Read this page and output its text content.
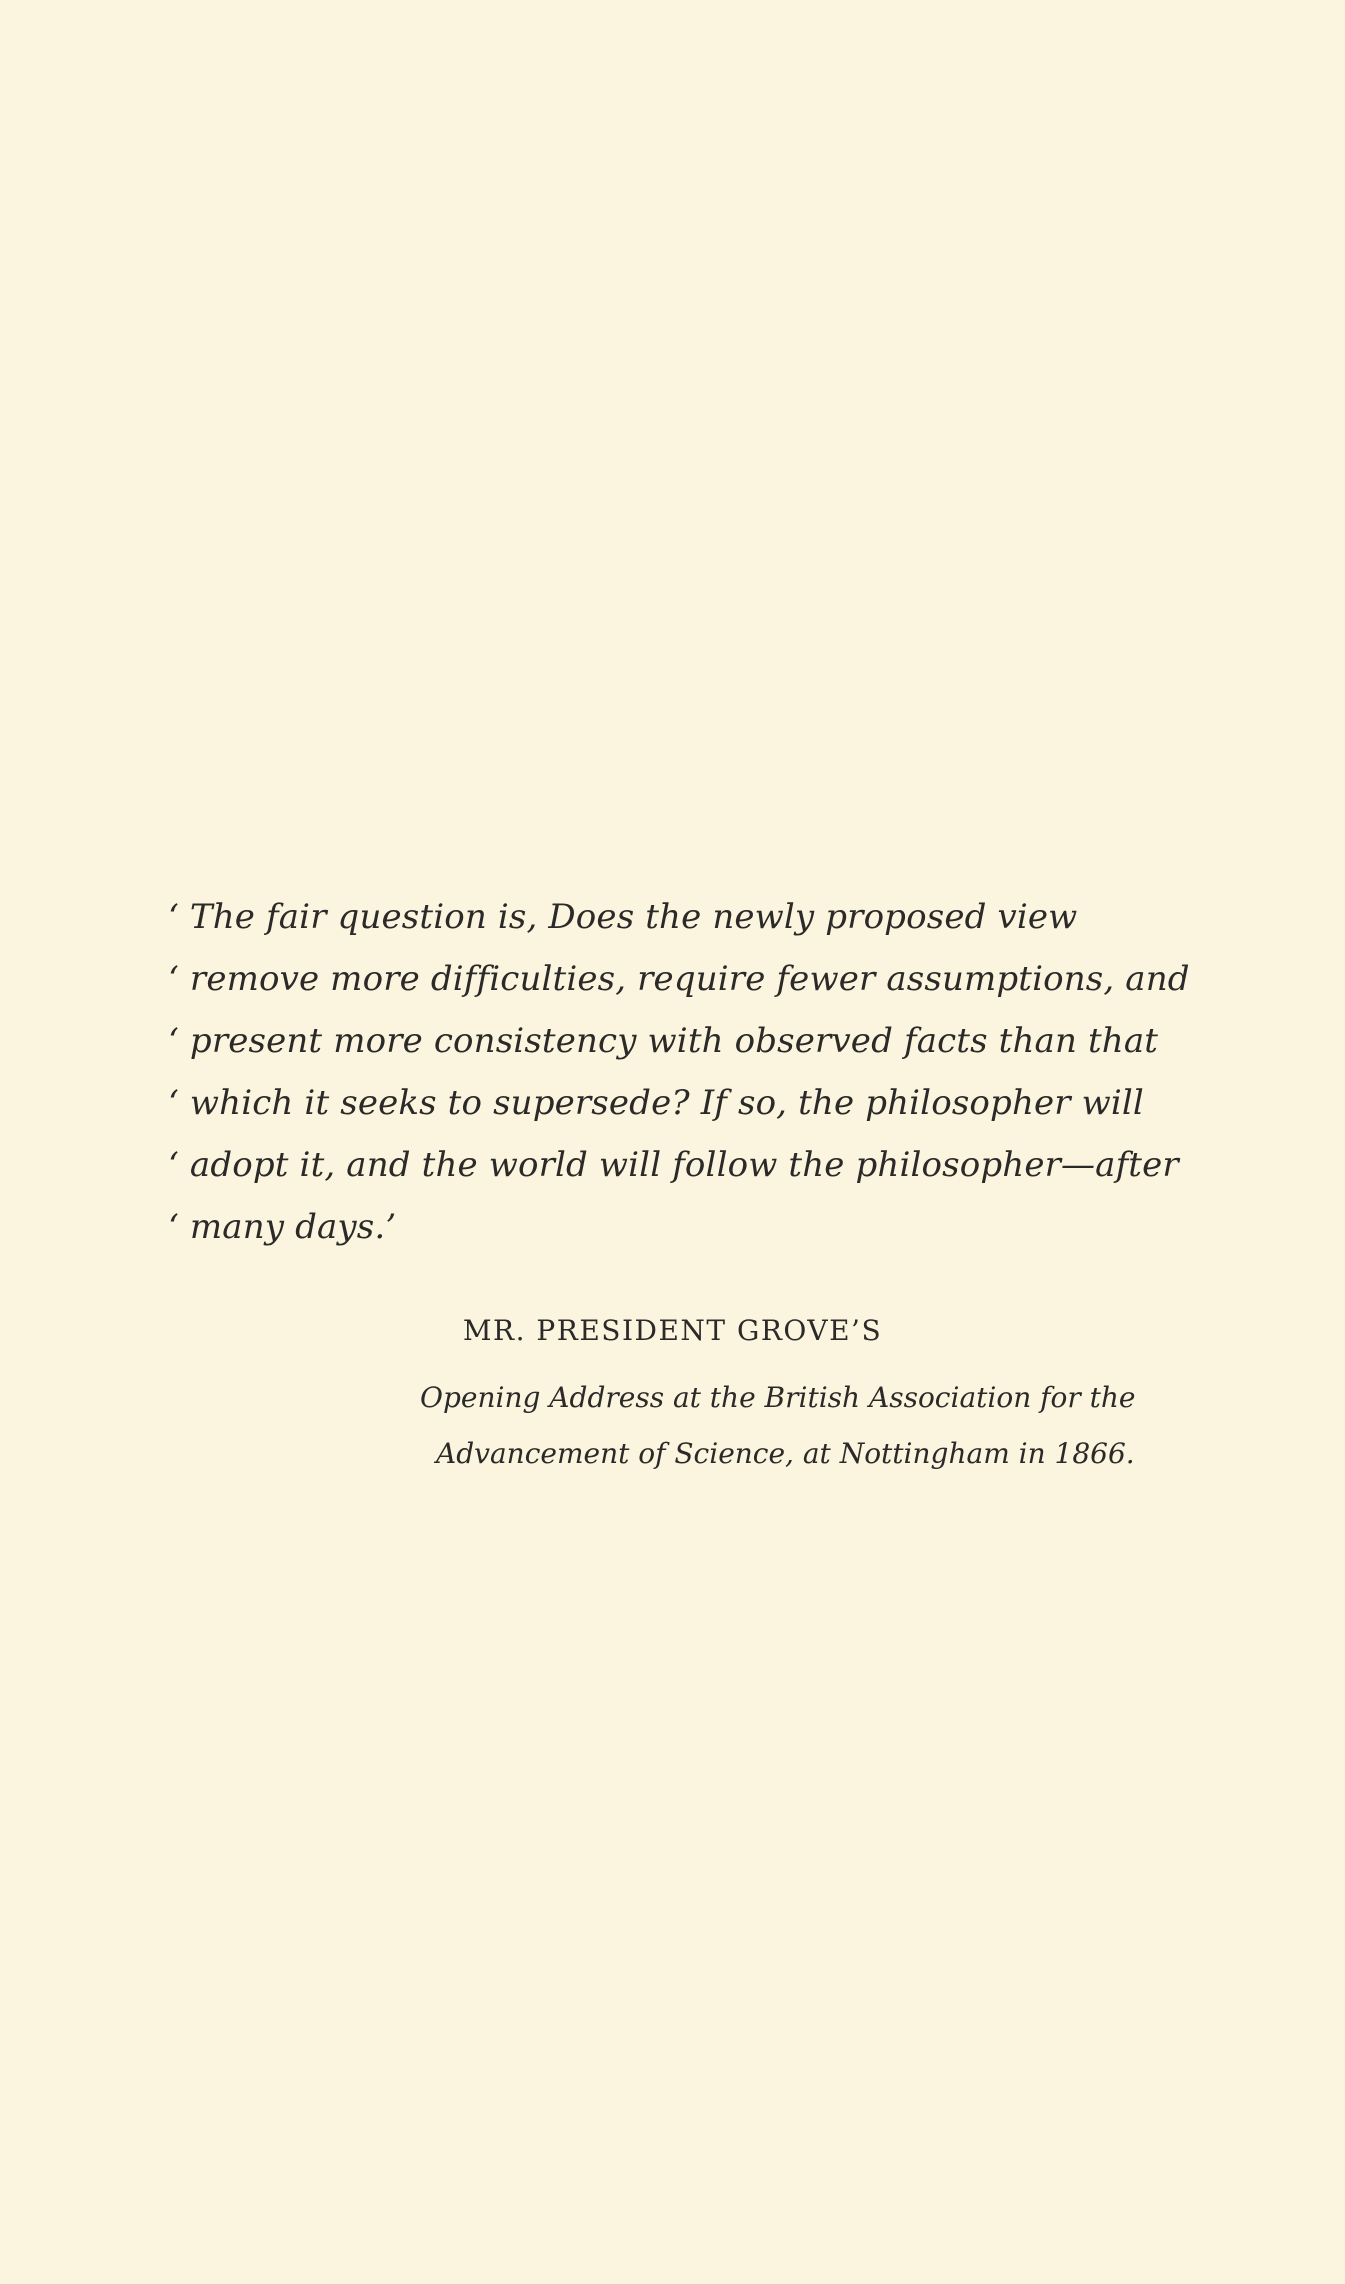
‘ The fair question is, Does the newly proposed view
‘ remove more difficulties, require fewer assumptions, and
‘ present more consistency with observed facts than that
‘ which it seeks to supersede? If so, the philosopher will
‘ adopt it, and the world will follow the philosopher—after
‘ many days.’
MR. PRESIDENT GROVE’S
Opening Address at the British Association for the
Advancement of Science, at Nottingham in 1866.
